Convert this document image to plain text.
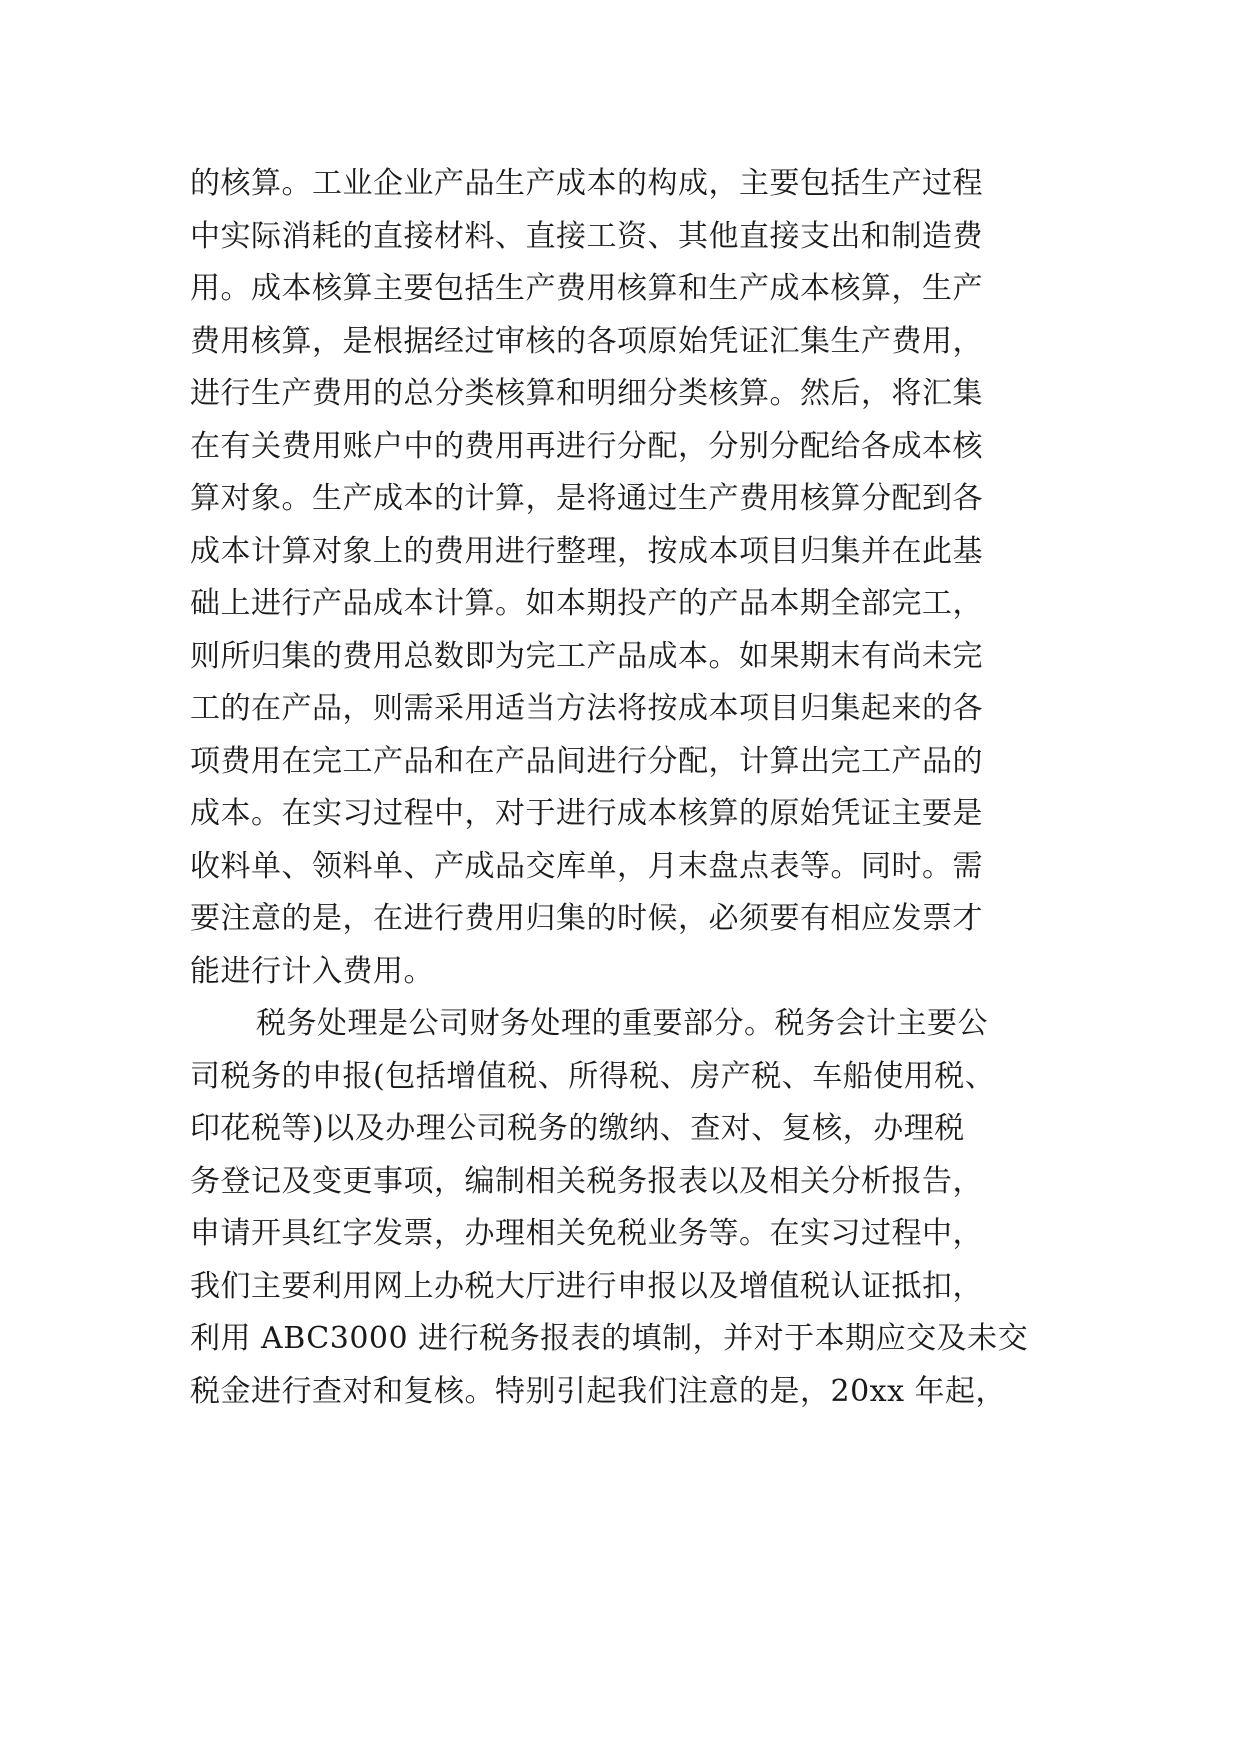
的核算。工业企业产品生产成本的构成，主要包括生产过程
中实际消耗的直接材料、直接工资、其他直接支出和制造费
用。成本核算主要包括生产费用核算和生产成本核算，生产
费用核算，是根据经过审核的各项原始凭证汇集生产费用，
进行生产费用的总分类核算和明细分类核算。然后，将汇集
在有关费用账户中的费用再进行分配，分别分配给各成本核
算对象。生产成本的计算，是将通过生产费用核算分配到各
成本计算对象上的费用进行整理，按成本项目归集并在此基
础上进行产品成本计算。如本期投产的产品本期全部完工，
则所归集的费用总数即为完工产品成本。如果期末有尚未完
工的在产品，则需采用适当方法将按成本项目归集起来的各
项费用在完工产品和在产品间进行分配，计算出完工产品的
成本。在实习过程中，对于进行成本核算的原始凭证主要是
收料单、领料单、产成品交库单，月末盘点表等。同时。需
要注意的是，在进行费用归集的时候，必须要有相应发票才
能进行计入费用。
税务处理是公司财务处理的重要部分。税务会计主要公
司税务的申报(包括增值税、所得税、房产税、车船使用税、
印花税等)以及办理公司税务的缴纳、查对、复核，办理税
务登记及变更事项，编制相关税务报表以及相关分析报告，
申请开具红字发票，办理相关免税业务等。在实习过程中，
我们主要利用网上办税大厅进行申报以及增值税认证抵扣，
利用 ABC3000 进行税务报表的填制，并对于本期应交及未交
税金进行查对和复核。特别引起我们注意的是，20xx 年起，
